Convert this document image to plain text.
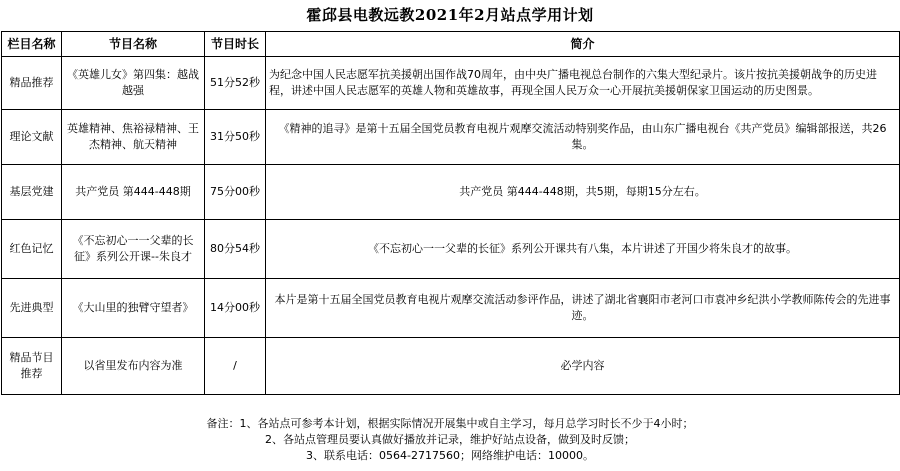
霍邱县电教远教2021年2月站点学用计划
栏目名称	节目名称	节目时长	简介
精品推荐	《英雄儿女》第四集：越战越强	51分52秒	为纪念中国人民志愿军抗美援朝出国作战70周年，由中央广播电视总台制作的六集大型纪录片。该片按抗美援朝战争的历史进程，讲述中国人民志愿军的英雄人物和英雄故事，再现全国人民万众一心开展抗美援朝保家卫国运动的历史图景。
理论文献	英雄精神、焦裕禄精神、王杰精神、航天精神	31分50秒	《精神的追寻》是第十五届全国党员教育电视片观摩交流活动特别奖作品，由山东广播电视台《共产党员》编辑部报送，共26集。
基层党建	共产党员 第444-448期	75分00秒	共产党员 第444-448期，共5期，每期15分左右。
红色记忆	《不忘初心一一父辈的长征》系列公开课--朱良才	80分54秒	《不忘初心一一父辈的长征》系列公开课共有八集，本片讲述了开国少将朱良才的故事。
先进典型	《大山里的独臂守望者》	14分00秒	本片是第十五届全国党员教育电视片观摩交流活动参评作品，讲述了湖北省襄阳市老河口市袁冲乡纪洪小学教师陈传会的先进事迹。
精品节目推荐	以省里发布内容为准	/	必学内容
备注：1、各站点可参考本计划，根据实际情况开展集中或自主学习，每月总学习时长不少于4小时；
2、各站点管理员要认真做好播放并记录，维护好站点设备，做到及时反馈；
3、联系电话：0564-2717560；网络维护电话：10000。
